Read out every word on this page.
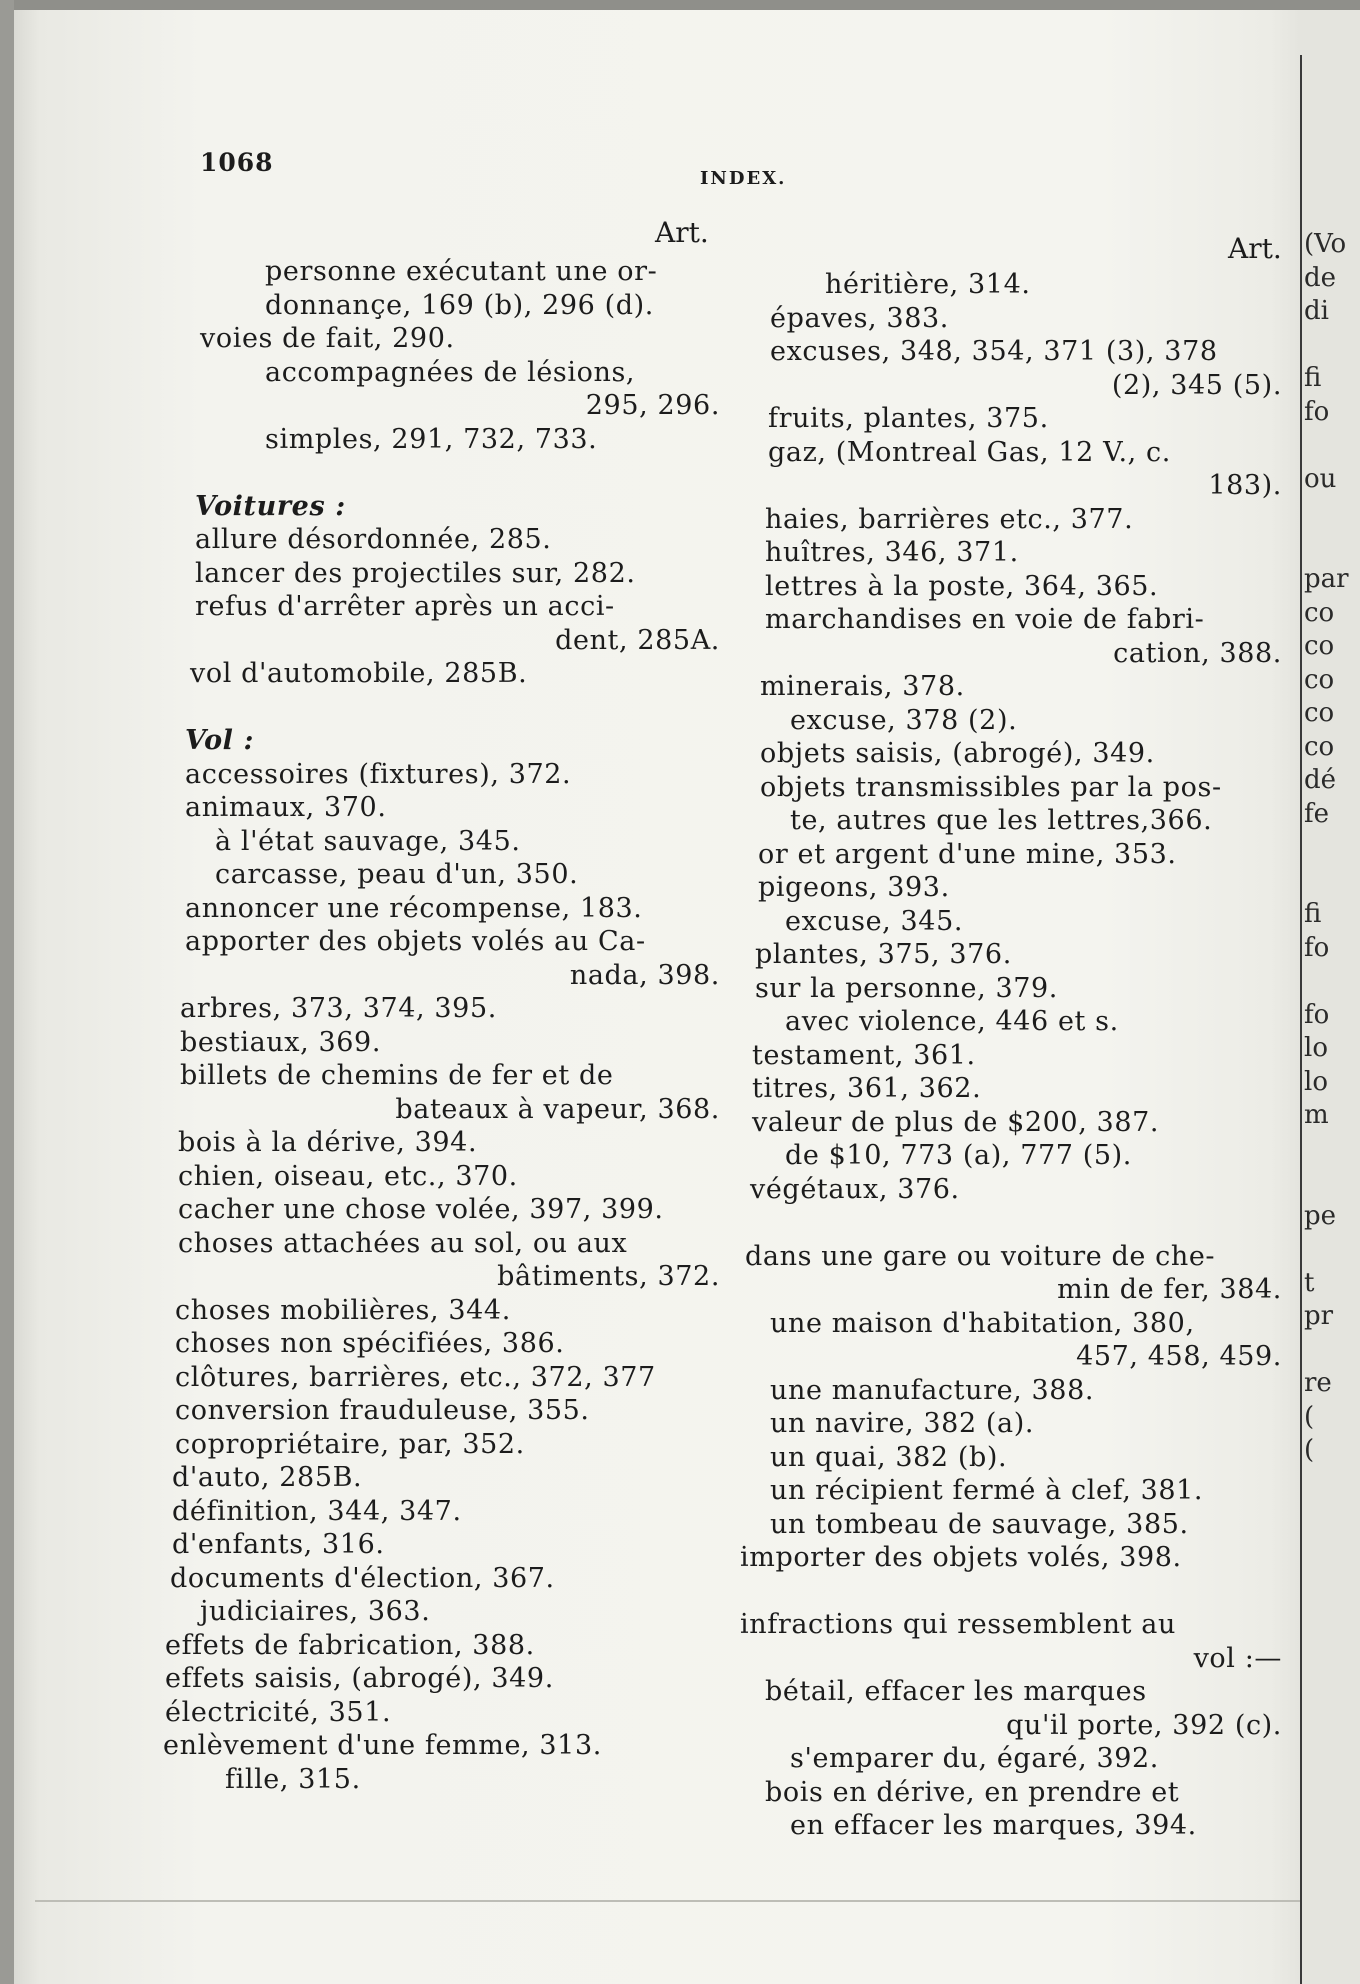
1068
INDEX.
Art.	Art.
personne exécutant une or-
donnançe, 169 (b), 296 (d).
voies de fait, 290.
accompagnées de lésions,
295, 296.
simples, 291, 732, 733.
Voitures :
allure désordonnée, 285.
lancer des projectiles sur, 282.
refus d'arrêter après un acci-
dent, 285A.
vol d'automobile, 285B.
Vol :
accessoires (fixtures), 372.
animaux, 370.
à l'état sauvage, 345.
carcasse, peau d'un, 350.
annoncer une récompense, 183.
apporter des objets volés au Ca-
nada, 398.
arbres, 373, 374, 395.
bestiaux, 369.
billets de chemins de fer et de
bateaux à vapeur, 368.
bois à la dérive, 394.
chien, oiseau, etc., 370.
cacher une chose volée, 397, 399.
choses attachées au sol, ou aux
bâtiments, 372.
choses mobilières, 344.
choses non spécifiées, 386.
clôtures, barrières, etc., 372, 377
conversion frauduleuse, 355.
copropriétaire, par, 352.
d'auto, 285B.
définition, 344, 347.
d'enfants, 316.
documents d'élection, 367.
judiciaires, 363.
effets de fabrication, 388.
effets saisis, (abrogé), 349.
électricité, 351.
enlèvement d'une femme, 313.
fille, 315.
héritière, 314.
épaves, 383.
excuses, 348, 354, 371 (3), 378
(2), 345 (5).
fruits, plantes, 375.
gaz, (Montreal Gas, 12 V., c.
183).
haies, barrières etc., 377.
huîtres, 346, 371.
lettres à la poste, 364, 365.
marchandises en voie de fabri-
cation, 388.
minerais, 378.
excuse, 378 (2).
objets saisis, (abrogé), 349.
objets transmissibles par la pos-
te, autres que les lettres,366.
or et argent d'une mine, 353.
pigeons, 393.
excuse, 345.
plantes, 375, 376.
sur la personne, 379.
avec violence, 446 et s.
testament, 361.
titres, 361, 362.
valeur de plus de $200, 387.
de $10, 773 (a), 777 (5).
végétaux, 376.
dans une gare ou voiture de che-
min de fer, 384.
une maison d'habitation, 380,
457, 458, 459.
une manufacture, 388.
un navire, 382 (a).
un quai, 382 (b).
un récipient fermé à clef, 381.
un tombeau de sauvage, 385.
importer des objets volés, 398.
infractions qui ressemblent au
vol :—
bétail, effacer les marques
qu'il porte, 392 (c).
s'emparer du, égaré, 392.
bois en dérive, en prendre et
en effacer les marques, 394.
(Vo
de
di
fi
fo
ou
par
co
co
co
co
co
dé
fe
fi
fo
fo
lo
lo
m
pe
t
pr
re
(
(
